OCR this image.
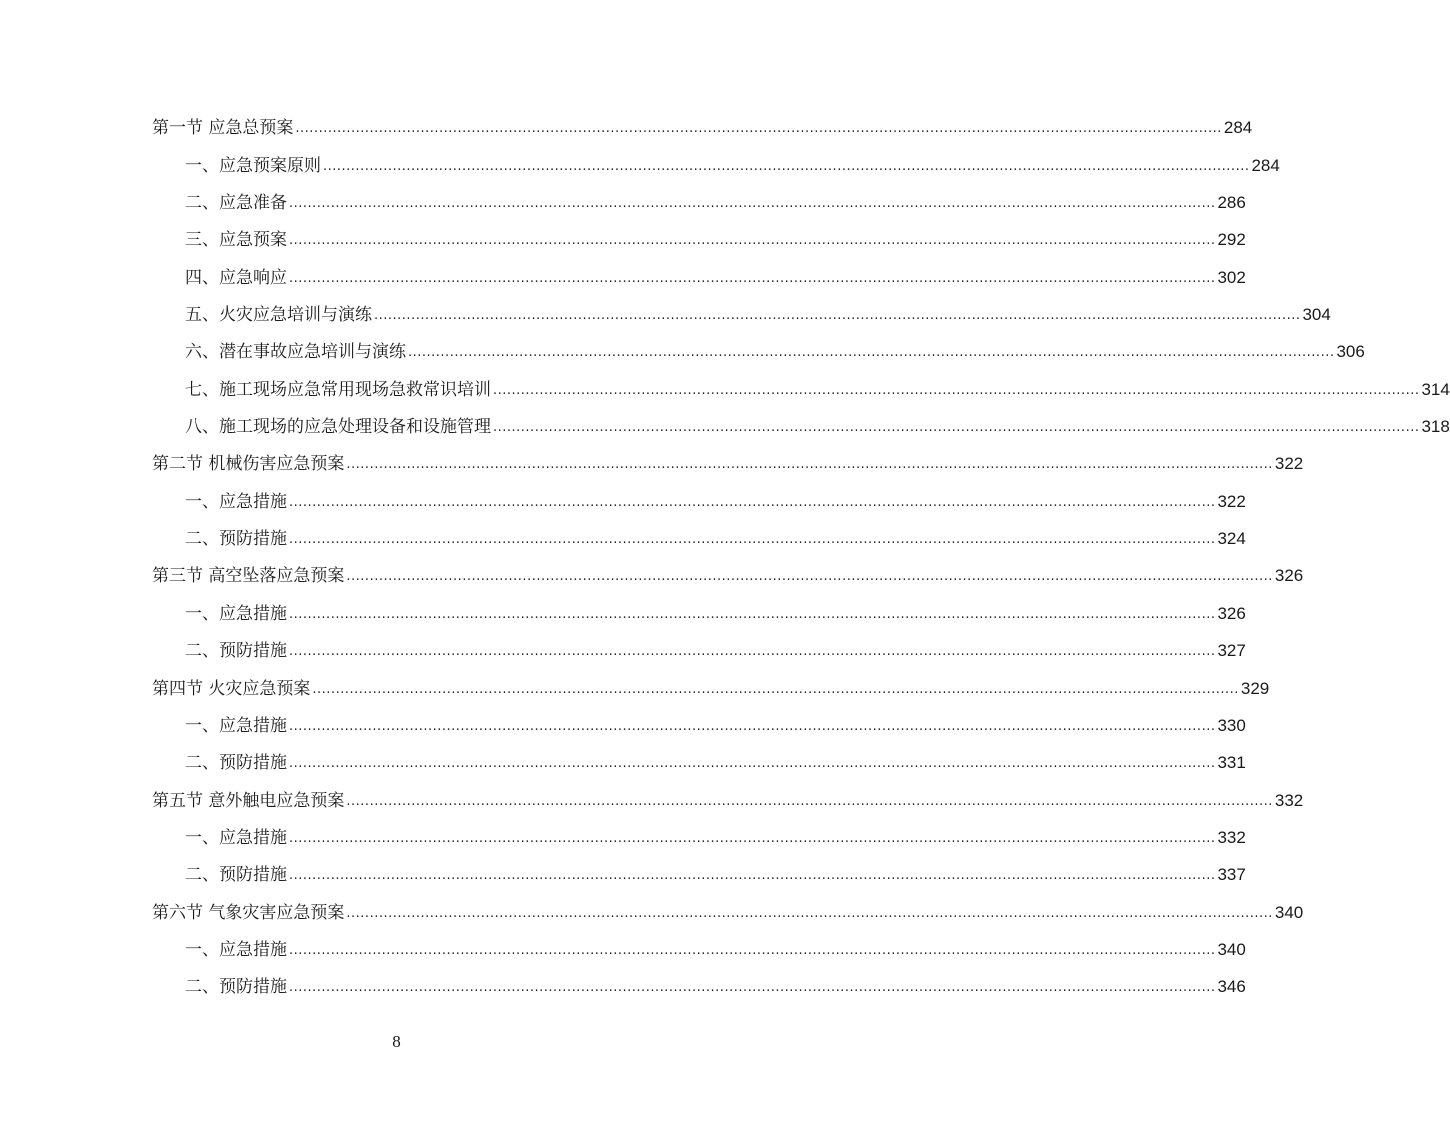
第一节 应急总预案 ........................................................................................................................................................................................................ 284
一、应急预案原则 ........................................................................................................................................................................................................ 284
二、应急准备 ........................................................................................................................................................................................................ 286
三、应急预案 ........................................................................................................................................................................................................ 292
四、应急响应 ........................................................................................................................................................................................................ 302
五、火灾应急培训与演练 ........................................................................................................................................................................................................ 304
六、潜在事故应急培训与演练 ........................................................................................................................................................................................................ 306
七、施工现场应急常用现场急救常识培训 ........................................................................................................................................................................................................ 314
八、施工现场的应急处理设备和设施管理 ........................................................................................................................................................................................................ 318
第二节 机械伤害应急预案 ........................................................................................................................................................................................................ 322
一、应急措施 ........................................................................................................................................................................................................ 322
二、预防措施 ........................................................................................................................................................................................................ 324
第三节 高空坠落应急预案 ........................................................................................................................................................................................................ 326
一、应急措施 ........................................................................................................................................................................................................ 326
二、预防措施 ........................................................................................................................................................................................................ 327
第四节 火灾应急预案 ........................................................................................................................................................................................................ 329
一、应急措施 ........................................................................................................................................................................................................ 330
二、预防措施 ........................................................................................................................................................................................................ 331
第五节 意外触电应急预案 ........................................................................................................................................................................................................ 332
一、应急措施 ........................................................................................................................................................................................................ 332
二、预防措施 ........................................................................................................................................................................................................ 337
第六节 气象灾害应急预案 ........................................................................................................................................................................................................ 340
一、应急措施 ........................................................................................................................................................................................................ 340
二、预防措施 ........................................................................................................................................................................................................ 346
8
